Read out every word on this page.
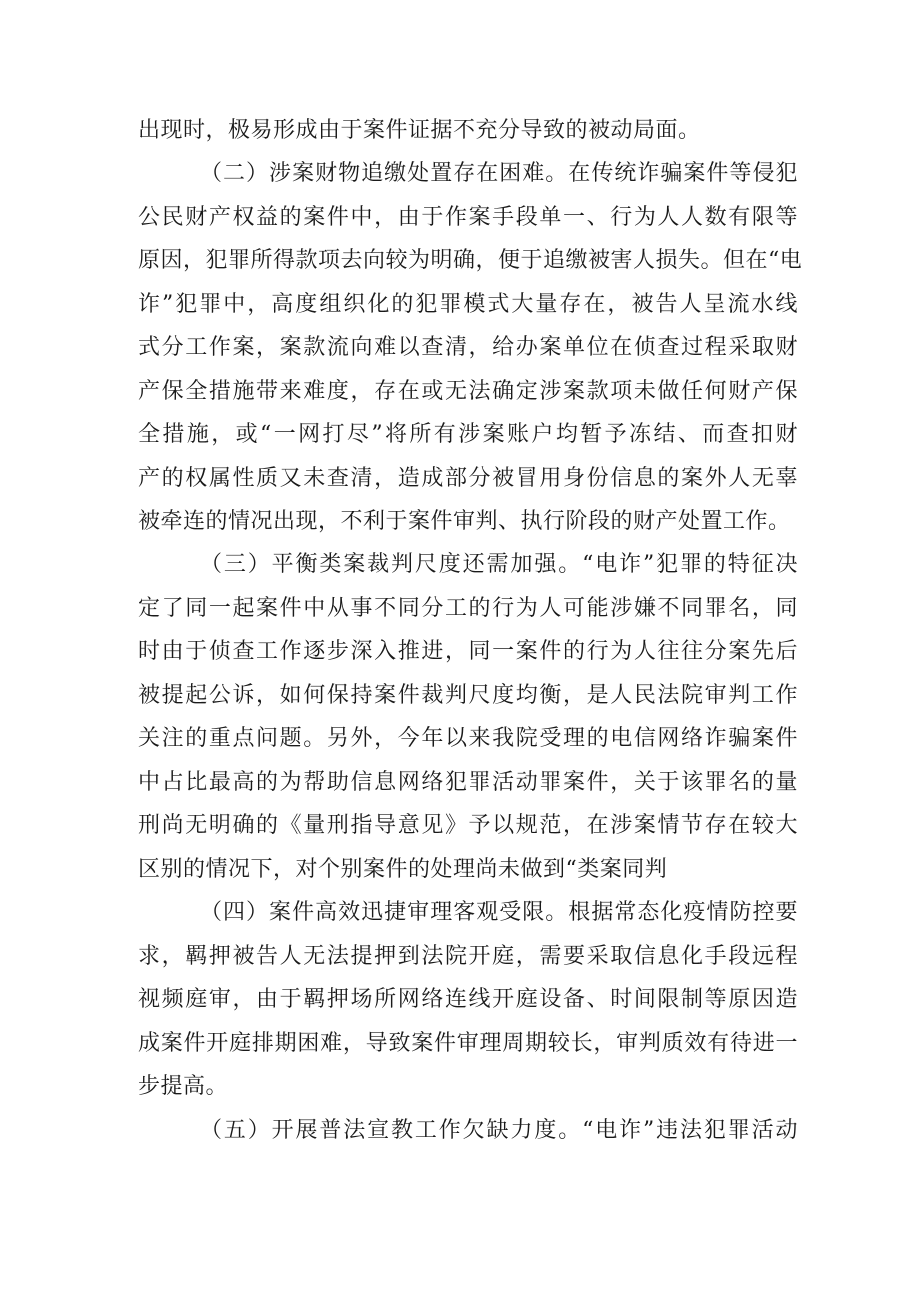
出现时，极易形成由于案件证据不充分导致的被动局面。
（二）涉案财物追缴处置存在困难。在传统诈骗案件等侵犯
公民财产权益的案件中，由于作案手段单一、行为人人数有限等
原因，犯罪所得款项去向较为明确，便于追缴被害人损失。但在“电
诈”犯罪中，高度组织化的犯罪模式大量存在，被告人呈流水线
式分工作案，案款流向难以查清，给办案单位在侦查过程采取财
产保全措施带来难度，存在或无法确定涉案款项未做任何财产保
全措施，或“一网打尽”将所有涉案账户均暂予冻结、而查扣财
产的权属性质又未查清，造成部分被冒用身份信息的案外人无辜
被牵连的情况出现，不利于案件审判、执行阶段的财产处置工作。
（三）平衡类案裁判尺度还需加强。“电诈”犯罪的特征决
定了同一起案件中从事不同分工的行为人可能涉嫌不同罪名，同
时由于侦查工作逐步深入推进，同一案件的行为人往往分案先后
被提起公诉，如何保持案件裁判尺度均衡，是人民法院审判工作
关注的重点问题。另外，今年以来我院受理的电信网络诈骗案件
中占比最高的为帮助信息网络犯罪活动罪案件，关于该罪名的量
刑尚无明确的《量刑指导意见》予以规范，在涉案情节存在较大
区别的情况下，对个别案件的处理尚未做到“类案同判
（四）案件高效迅捷审理客观受限。根据常态化疫情防控要
求，羁押被告人无法提押到法院开庭，需要采取信息化手段远程
视频庭审，由于羁押场所网络连线开庭设备、时间限制等原因造
成案件开庭排期困难，导致案件审理周期较长，审判质效有待进一
步提高。
（五）开展普法宣教工作欠缺力度。“电诈”违法犯罪活动
